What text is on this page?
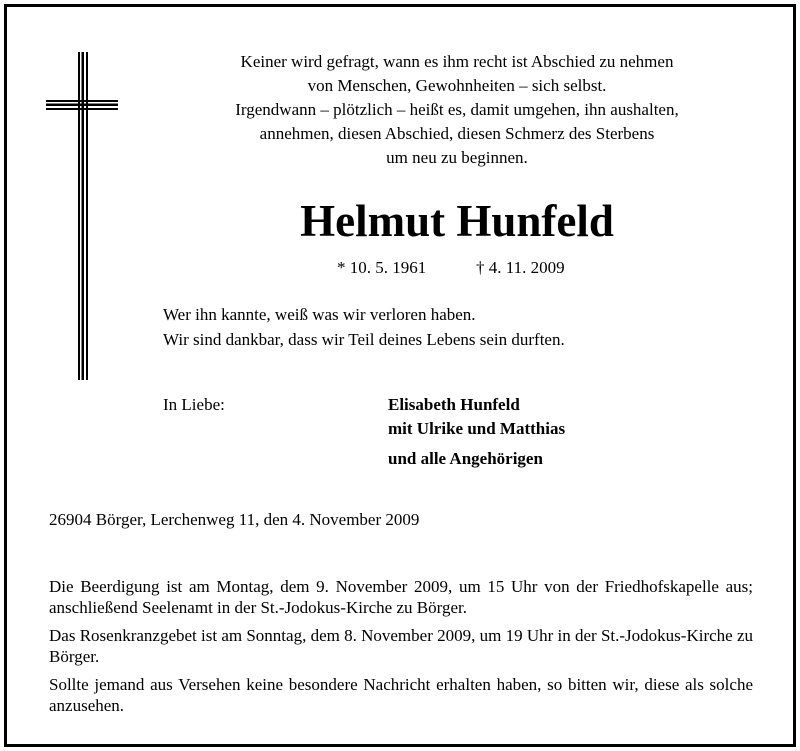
Keiner wird gefragt, wann es ihm recht ist Abschied zu nehmen
von Menschen, Gewohnheiten – sich selbst.
Irgendwann – plötzlich – heißt es, damit umgehen, ihn aushalten,
annehmen, diesen Abschied, diesen Schmerz des Sterbens
um neu zu beginnen.
Helmut Hunfeld
* 10. 5. 1961	† 4. 11. 2009
Wer ihn kannte, weiß was wir verloren haben.
Wir sind dankbar, dass wir Teil deines Lebens sein durften.
In Liebe:	Elisabeth Hunfeld
mit Ulrike und Matthias
und alle Angehörigen
26904 Börger, Lerchenweg 11, den 4. November 2009

Die Beerdigung ist am Montag, dem 9. November 2009, um 15 Uhr von der Friedhofskapelle aus; anschließend Seelenamt in der St.-Jodokus-Kirche zu Börger.

Das Rosenkranzgebet ist am Sonntag, dem 8. November 2009, um 19 Uhr in der St.-Jodokus-Kirche zu Börger.

Sollte jemand aus Versehen keine besondere Nachricht erhalten haben, so bitten wir, diese als solche anzusehen.
